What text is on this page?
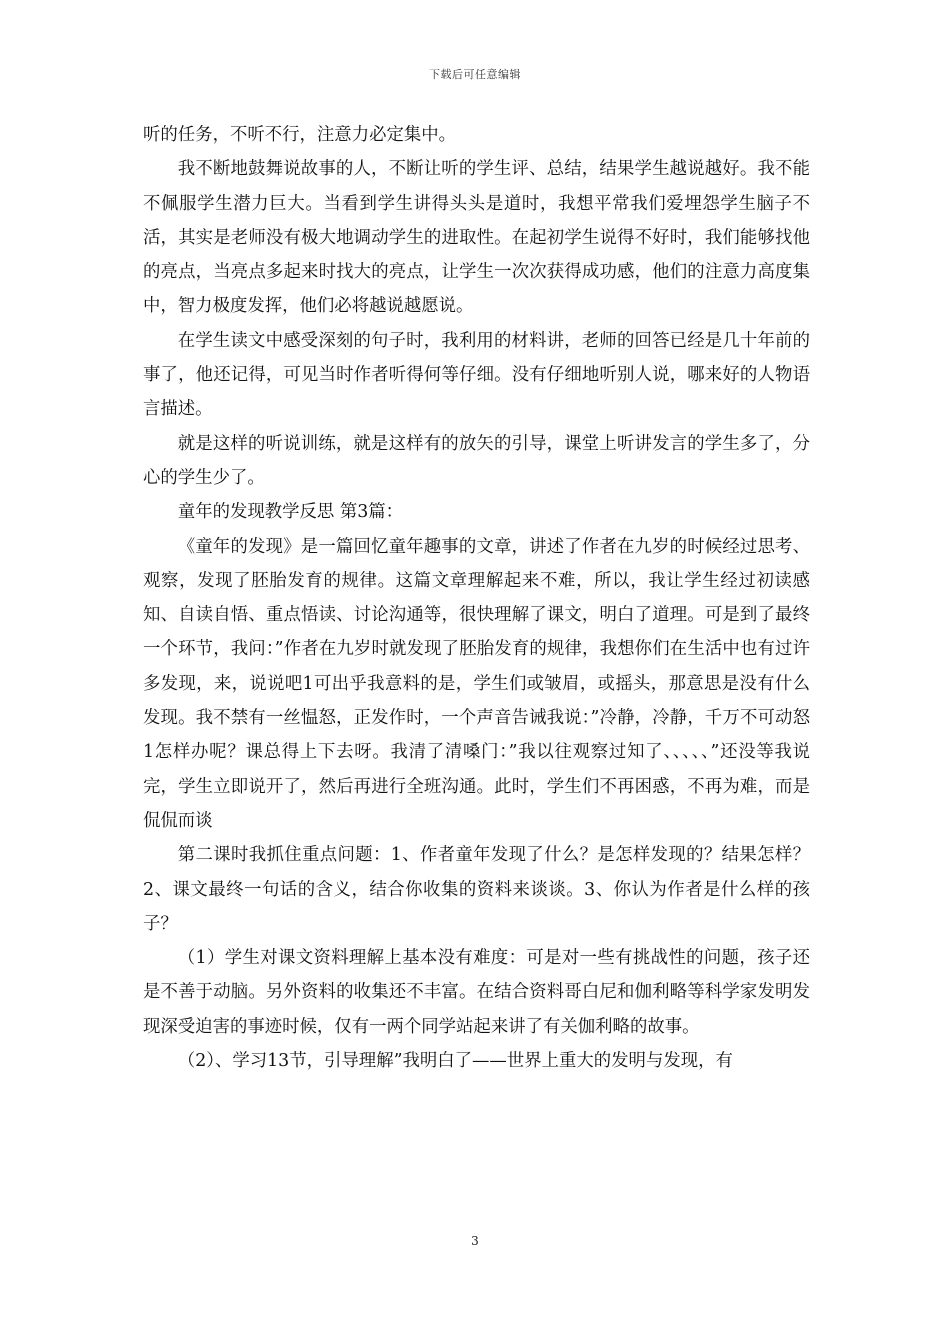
下载后可任意编辑

听的任务，不听不行，注意力必定集中。

我不断地鼓舞说故事的人，不断让听的学生评、总结，结果学生越说越好。我不能不佩服学生潜力巨大。当看到学生讲得头头是道时，我想平常我们爱埋怨学生脑子不活，其实是老师没有极大地调动学生的进取性。在起初学生说得不好时，我们能够找他的亮点，当亮点多起来时找大的亮点，让学生一次次获得成功感，他们的注意力高度集中，智力极度发挥，他们必将越说越愿说。

在学生读文中感受深刻的句子时，我利用的材料讲，老师的回答已经是几十年前的事了，他还记得，可见当时作者听得何等仔细。没有仔细地听别人说，哪来好的人物语言描述。

就是这样的听说训练，就是这样有的放矢的引导，课堂上听讲发言的学生多了，分心的学生少了。

童年的发现教学反思 第3篇：

《童年的发现》是一篇回忆童年趣事的文章，讲述了作者在九岁的时候经过思考、观察，发现了胚胎发育的规律。这篇文章理解起来不难，所以，我让学生经过初读感知、自读自悟、重点悟读、讨论沟通等，很快理解了课文，明白了道理。可是到了最终一个环节，我问：”作者在九岁时就发现了胚胎发育的规律，我想你们在生活中也有过许多发现，来，说说吧1可出乎我意料的是，学生们或皱眉，或摇头，那意思是没有什么发现。我不禁有一丝愠怒，正发作时，一个声音告诫我说：”冷静，冷静，千万不可动怒1怎样办呢？课总得上下去呀。我清了清嗓门：”我以往观察过知了、、、、、”还没等我说完，学生立即说开了，然后再进行全班沟通。此时，学生们不再困惑，不再为难，而是侃侃而谈

第二课时我抓住重点问题：1、作者童年发现了什么？是怎样发现的？结果怎样？2、课文最终一句话的含义，结合你收集的资料来谈谈。3、你认为作者是什么样的孩子？

（1）学生对课文资料理解上基本没有难度：可是对一些有挑战性的问题，孩子还是不善于动脑。另外资料的收集还不丰富。在结合资料哥白尼和伽利略等科学家发明发现深受迫害的事迹时候，仅有一两个同学站起来讲了有关伽利略的故事。

（2）、学习13节，引导理解”我明白了——世界上重大的发明与发现，有

3
